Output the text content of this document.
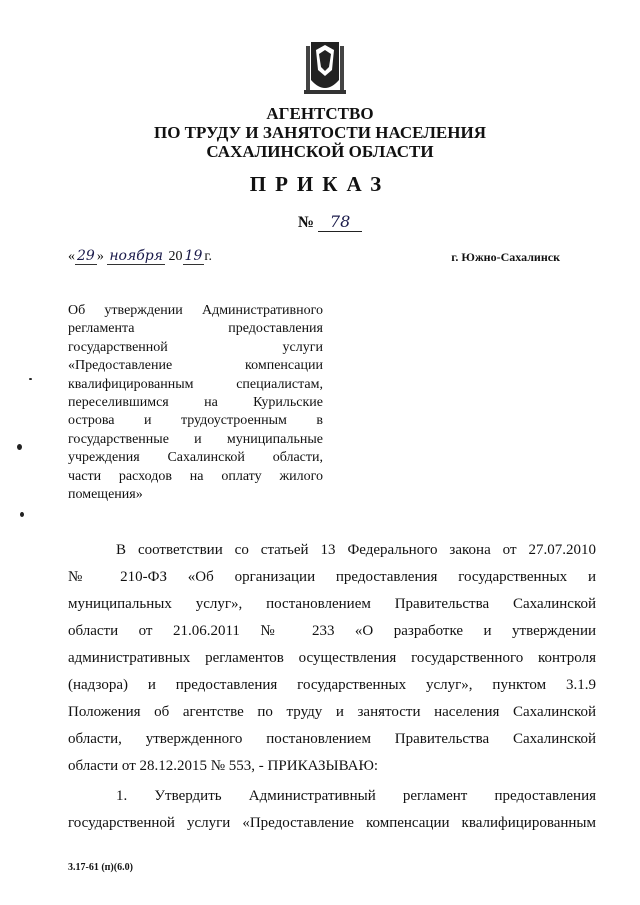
АГЕНТСТВО
ПО ТРУДУ И ЗАНЯТОСТИ НАСЕЛЕНИЯ
САХАЛИНСКОЙ ОБЛАСТИ
ПРИКАЗ
№ 78
« 29 » ноября 20 19 г.	г. Южно-Сахалинск
Об утверждении Административного
регламента предоставления
государственной услуги
«Предоставление компенсации
квалифицированным специалистам,
переселившимся на Курильские
острова и трудоустроенным в
государственные и муниципальные
учреждения Сахалинской области,
части расходов на оплату жилого
помещения»
В соответствии со статьей 13 Федерального закона от 27.07.2010
№ 210-ФЗ «Об организации предоставления государственных и
муниципальных услуг», постановлением Правительства Сахалинской
области от 21.06.2011 № 233 «О разработке и утверждении
административных регламентов осуществления государственного контроля
(надзора) и предоставления государственных услуг», пунктом 3.1.9
Положения об агентстве по труду и занятости населения Сахалинской
области, утвержденного постановлением Правительства Сахалинской
области от 28.12.2015 № 553, - ПРИКАЗЫВАЮ:
1. Утвердить Административный регламент предоставления
государственной услуги «Предоставление компенсации квалифицированным
3.17-61 (п)(6.0)
